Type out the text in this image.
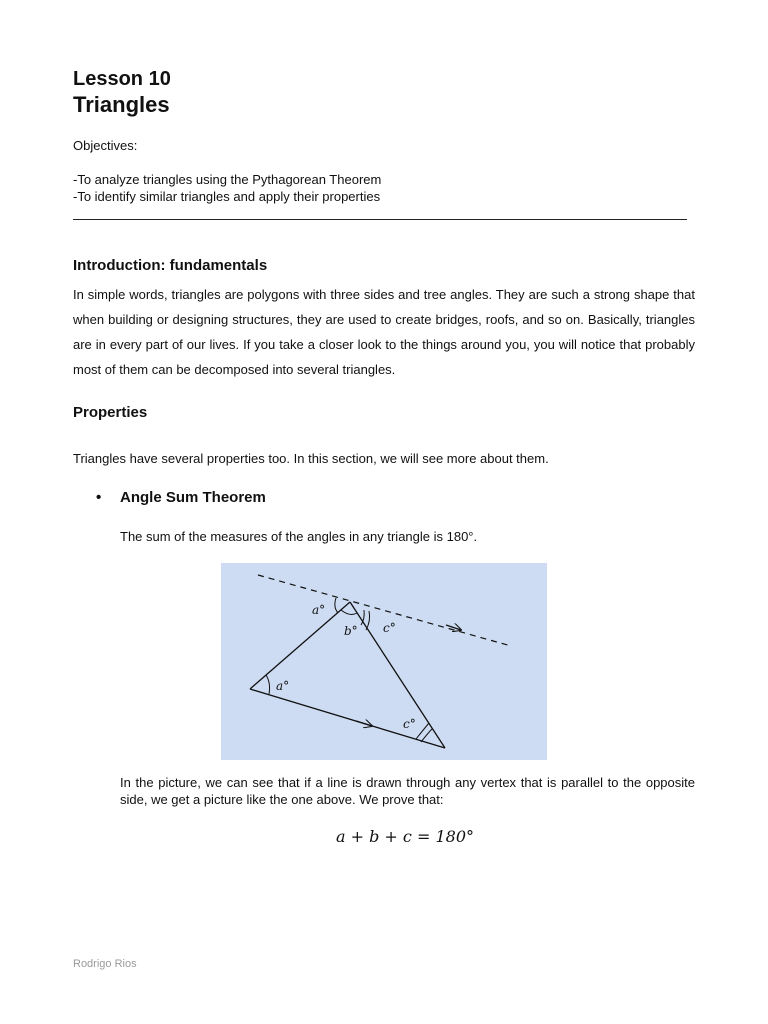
Lesson 10
Triangles
Objectives:
-To analyze triangles using the Pythagorean Theorem
-To identify similar triangles and apply their properties
Introduction: fundamentals
In simple words, triangles are polygons with three sides and tree angles. They are such a strong shape that when building or designing structures, they are used to create bridges, roofs, and so on. Basically, triangles are in every part of our lives. If you take a closer look to the things around you, you will notice that probably most of them can be decomposed into several triangles.
Properties
Triangles have several properties too. In this section, we will see more about them.
• Angle Sum Theorem
The sum of the measures of the angles in any triangle is 180°.
a°
b° c°
a°
c°
In the picture, we can see that if a line is drawn through any vertex that is parallel to the opposite side, we get a picture like the one above. We prove that:
a + b + c = 180°
Rodrigo Rios
